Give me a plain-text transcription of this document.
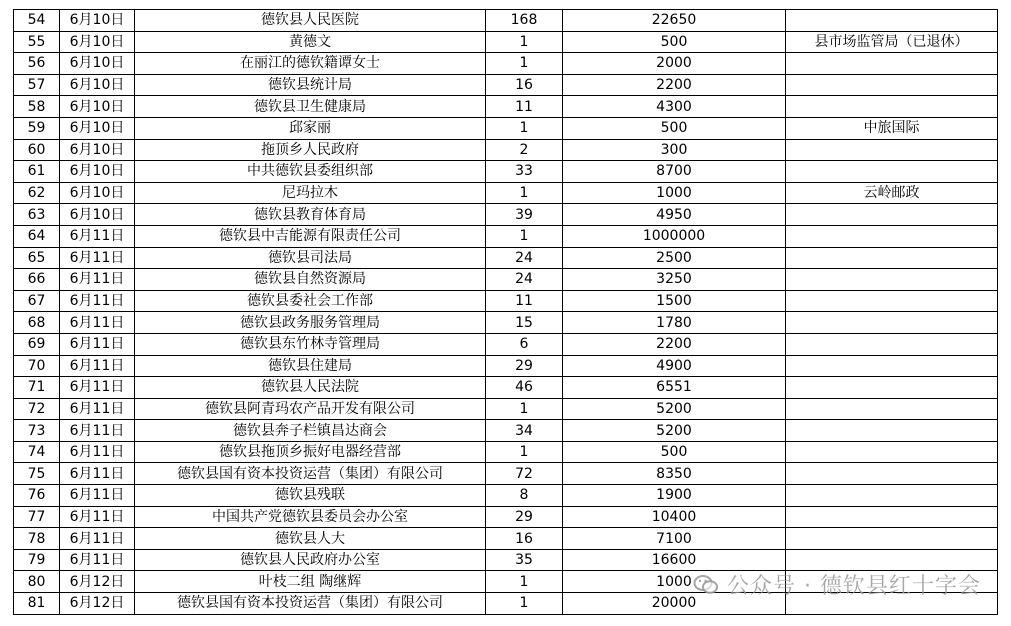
54	6月10日	德钦县人民医院	168	22650	
55	6月10日	黄德文	1	500	县市场监管局（已退休）
56	6月10日	在丽江的德钦籍谭女士	1	2000	
57	6月10日	德钦县统计局	16	2200	
58	6月10日	德钦县卫生健康局	11	4300	
59	6月10日	邱家丽	1	500	中旅国际
60	6月10日	拖顶乡人民政府	2	300	
61	6月10日	中共德钦县委组织部	33	8700	
62	6月10日	尼玛拉木	1	1000	云岭邮政
63	6月10日	德钦县教育体育局	39	4950	
64	6月11日	德钦县中吉能源有限责任公司	1	1000000	
65	6月11日	德钦县司法局	24	2500	
66	6月11日	德钦县自然资源局	24	3250	
67	6月11日	德钦县委社会工作部	11	1500	
68	6月11日	德钦县政务服务管理局	15	1780	
69	6月11日	德钦县东竹林寺管理局	6	2200	
70	6月11日	德钦县住建局	29	4900	
71	6月11日	德钦县人民法院	46	6551	
72	6月11日	德钦县阿青玛农产品开发有限公司	1	5200	
73	6月11日	德钦县奔子栏镇昌达商会	34	5200	
74	6月11日	德钦县拖顶乡振好电器经营部	1	500	
75	6月11日	德钦县国有资本投资运营（集团）有限公司	72	8350	
76	6月11日	德钦县残联	8	1900	
77	6月11日	中国共产党德钦县委员会办公室	29	10400	
78	6月11日	德钦县人大	16	7100	
79	6月11日	德钦县人民政府办公室	35	16600	
80	6月12日	叶枝二组 陶继辉	1	1000	
81	6月12日	德钦县国有资本投资运营（集团）有限公司	1	20000	
公众号 · 德钦县红十字会
